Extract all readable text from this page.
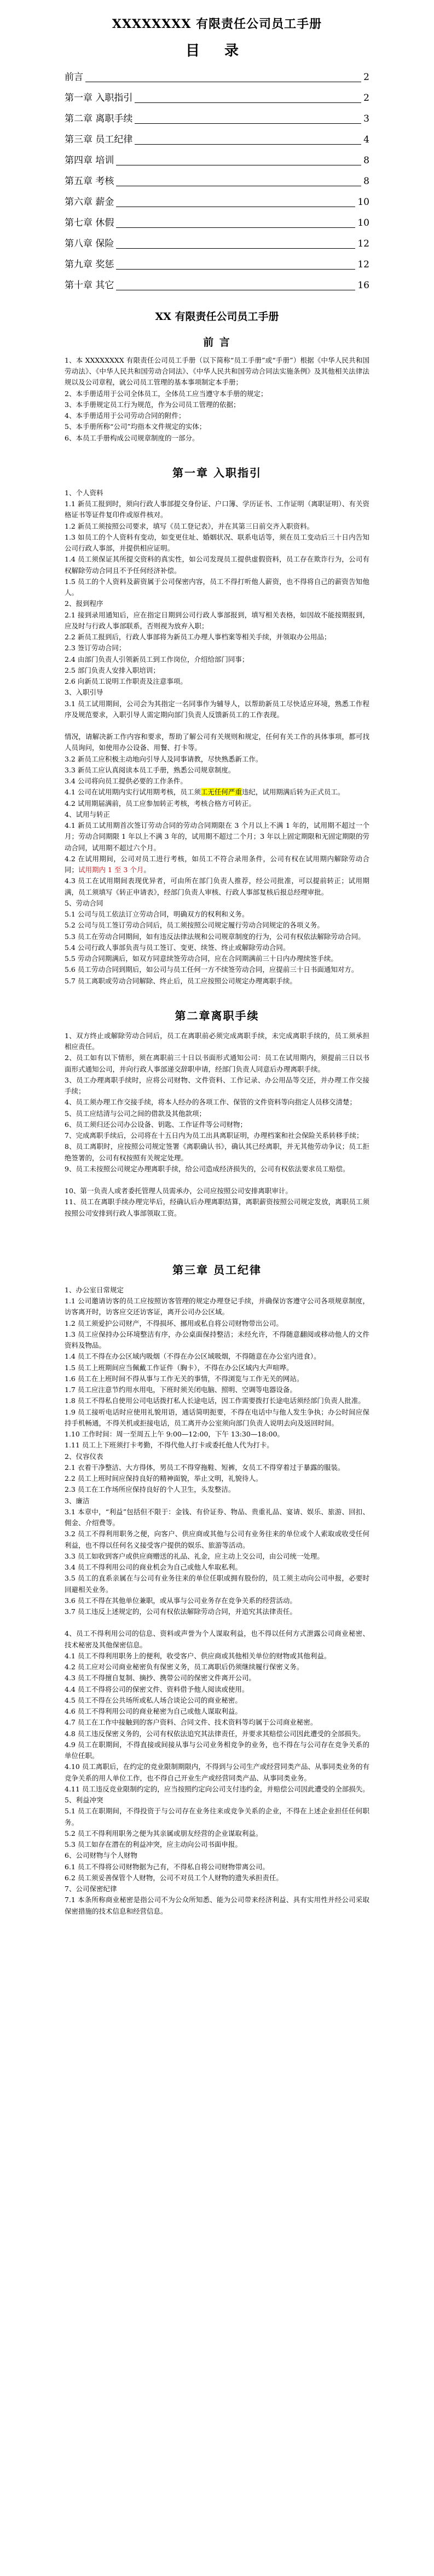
XXXXXXXX 有限责任公司员工手册
目 录
前言	2
第一章 入职指引	2
第二章 离职手续	3
第三章 员工纪律	4
第四章 培训	8
第五章 考核	8
第六章 薪金	10
第七章 休假	10
第八章 保险	12
第九章 奖惩	12
第十章 其它	16
XX 有限责任公司员工手册
前 言

1、本 XXXXXXXX 有限责任公司员工手册（以下简称“员工手册”或“手册”）根据《中华人民共和国劳动法》、《中华人民共和国劳动合同法》、《中华人民共和国劳动合同法实施条例》及其他相关法律法规以及公司章程，就公司员工管理的基本事项制定本手册；

2、本手册适用于公司全体员工，全体员工应当遵守本手册的规定；

3、本手册规定员工行为规范，作为公司员工管理的依据；

4、本手册适用于公司劳动合同的附件；

5、本手册所称“公司”均指本文件规定的实体；

6、本员工手册构成公司规章制度的一部分。

第一章 入职指引

1、个人资料

1.1 新员工报到时，须向行政人事部提交身份证、户口簿、学历证书、工作证明（离职证明）、有关资格证书等证件复印件或原件核对。

1.2 新员工须按照公司要求，填写《员工登记表》，并在其第三日前交齐入职资料。

1.3 如员工的个人资料有变动，如变更住址、婚姻状况、联系电话等，须在员工变动后三十日内告知公司行政人事部，并提供相应证明。

1.4 员工须保证其所提交资料的真实性，如公司发现员工提供虚假资料，员工存在欺诈行为，公司有权解除劳动合同且不予任何经济补偿。

1.5 员工的个人资料及薪资属于公司保密内容，员工不得打听他人薪资，也不得将自己的薪资告知他人。

2、报到程序

2.1 接到录用通知后，应在指定日期到公司行政人事部报到，填写相关表格，如因故不能按期报到，应及时与行政人事部联系，否则视为放弃入职；

2.2 新员工报到后，行政人事部将为新员工办理人事档案等相关手续，并领取办公用品；

2.3 签订劳动合同；

2.4 由部门负责人引领新员工到工作岗位，介绍给部门同事；

2.5 部门负责人安排入职培训；

2.6 向新员工说明工作职责及注意事项。

3、入职引导

3.1 员工试用期间，公司会为其指定一名同事作为辅导人，以帮助新员工尽快适应环境，熟悉工作程序及规范要求，入职引导人需定期向部门负责人反馈新员工的工作表现。

情况，请解决新工作内容和要求，帮助了解公司有关规则和规定，任何有关工作的具体事项，都可找人员询问，如使用办公设备、用餐、打卡等。

3.2 新员工应积极主动地向引导人及同事请教，尽快熟悉新工作。

3.3 新员工应认真阅读本员工手册，熟悉公司规章制度。

3.4 公司将向员工提供必要的工作条件。

4.1 公司在试用期内实行试用期考核，员工须工无任何严重违纪，试用期满后转为正式员工。

4.2 试用期届满前，员工应参加转正考核，考核合格方可转正。

4、试用与转正

4.1 新员工试用期首次签订劳动合同的劳动合同期限在 3 个月以上不满 1 年的，试用期不超过一个月；劳动合同期限 1 年以上不满 3 年的，试用期不超过二个月；3 年以上固定期限和无固定期限的劳动合同，试用期不超过六个月。

4.2 在试用期间，公司对员工进行考核，如员工不符合录用条件，公司有权在试用期内解除劳动合同；试用期内 1 至 3 个月。

4.3 员工在试用期间表现优异者，可由所在部门负责人推荐，经公司批准，可以提前转正；试用期满，员工须填写《转正申请表》，经部门负责人审核、行政人事部复核后报总经理审批。

5、劳动合同

5.1 公司与员工依法订立劳动合同，明确双方的权利和义务。

5.2 公司与员工签订劳动合同后，员工须按照公司规定履行劳动合同规定的各项义务。

5.3 员工在劳动合同期间，如有违反法律法规和公司规章制度的行为，公司有权依法解除劳动合同。

5.4 公司行政人事部负责与员工签订、变更、续签、终止或解除劳动合同。

5.5 劳动合同期满后，如双方同意续签劳动合同，应在合同期满前三十日内办理续签手续。

5.6 员工劳动合同到期后，如公司与员工任何一方不续签劳动合同，应提前三十日书面通知对方。

5.7 员工离职或劳动合同解除、终止后，员工应按照公司规定办理离职手续。

第二章离职手续

1、双方终止或解除劳动合同后，员工在离职前必须完成离职手续，未完成离职手续的，员工须承担相应责任。

2、员工如有以下情形，须在离职前三十日以书面形式通知公司：员工在试用期内，须提前三日以书面形式通知公司，并向行政人事部递交辞职申请，经部门负责人同意后办理离职手续。

3、员工办理离职手续时，应将公司财物、文件资料、工作记录、办公用品等交还，并办理工作交接手续；

4、员工须办理工作交接手续，将本人经办的各项工作、保管的文件资料等向指定人员移交清楚；

5、员工应结清与公司之间的借款及其他款项；

6、员工须归还公司办公设备、钥匙、工作证件等公司财物；

7、完成离职手续后，公司将在十五日内为员工出具离职证明，办理档案和社会保险关系转移手续；

8、员工离职时，应按照公司规定签署《离职确认书》，确认其已经离职，并无其他劳动争议；员工拒绝签署的，公司有权按照有关规定处理。

9、员工未按照公司规定办理离职手续，给公司造成经济损失的，公司有权依法要求员工赔偿。

10、第一负责人或者委托管理人员需承办，公司应按照公司安排离职审计。

11、员工在离职手续办理完毕后，经确认后办理离职结算，离职薪资按照公司规定发放，离职员工须按照公司安排到行政人事部领取工资。

第三章 员工纪律

1、办公室日常规定

1.1 公司邀请访客的员工应按照访客管理的规定办理登记手续，并确保访客遵守公司各项规章制度，访客离开时，访客应交还访客证，离开公司办公区域。

1.2 员工须爱护公司财产，不得损坏、挪用或私自将公司财物带出公司。

1.3 员工应保持办公环境整洁有序，办公桌面保持整洁；未经允许，不得随意翻阅或移动他人的文件资料及物品。

1.4 员工不得在办公区域内吸烟（不得在办公区域吸烟，不得随意在办公室内进食）。

1.5 员工上班期间应当佩戴工作证件（胸卡），不得在办公区域内大声喧哗。

1.6 员工在上班时间不得从事与工作无关的事情，不得浏览与工作无关的网站。

1.7 员工应注意节约用水用电，下班时须关闭电脑、照明、空调等电器设备。

1.8 员工不得私自使用公司电话拨打私人长途电话，因工作需要拨打长途电话须经部门负责人批准。

1.9 员工接听电话时应使用礼貌用语，通话简明扼要，不得在电话中与他人发生争执；办公时间应保持手机畅通，不得关机或拒接电话，员工离开办公室须向部门负责人说明去向及返回时间。

1.10 工作时间：周一至周五上午 9:00—12:00，下午 13:30—18:00。

1.11 员工上下班须打卡考勤，不得代他人打卡或委托他人代为打卡。

2、仪容仪表

2.1 衣着干净整洁、大方得体，男员工不得穿拖鞋、短裤，女员工不得穿着过于暴露的服装。

2.2 员工上班时间应保持良好的精神面貌，举止文明，礼貌待人。

2.3 员工在工作场所应保持良好的个人卫生，头发整洁。

3、廉洁

3.1 本章中，“利益”包括但不限于：金钱、有价证券、物品、贵重礼品、宴请、娱乐、旅游、回扣、佣金、介绍费等。

3.2 员工不得利用职务之便，向客户、供应商或其他与公司有业务往来的单位或个人索取或收受任何利益，也不得以任何名义接受客户提供的娱乐、旅游等活动。

3.3 员工如收到客户或供应商赠送的礼品、礼金，应主动上交公司，由公司统一处理。

3.4 员工不得利用公司的商业机会为自己或他人牟取私利。

3.5 员工的直系亲属在与公司有业务往来的单位任职或拥有股份的，员工须主动向公司申报，必要时回避相关业务。

3.6 员工不得在其他单位兼职，或从事与公司业务存在竞争关系的经营活动。

3.7 员工违反上述规定的，公司有权依法解除劳动合同，并追究其法律责任。

4、员工不得利用公司的信息、资料或声誉为个人谋取利益，也不得以任何方式泄露公司商业秘密、技术秘密及其他保密信息。

4.1 员工不得利用职务上的便利，收受客户、供应商或其他相关单位的财物或其他利益。

4.2 员工应对公司商业秘密负有保密义务，员工离职后仍须继续履行保密义务。

4.3 员工不得擅自复制、摘抄、携带公司的保密文件离开公司。

4.4 员工不得将公司的保密文件、资料借予他人阅读或使用。

4.5 员工不得在公共场所或私人场合谈论公司的商业秘密。

4.6 员工不得利用公司的商业秘密为自己或他人谋取利益。

4.7 员工在工作中接触到的客户资料、合同文件、技术资料等均属于公司商业秘密。

4.8 员工违反保密义务的，公司有权依法追究其法律责任，并要求其赔偿公司因此遭受的全部损失。

4.9 员工在职期间，不得直接或间接从事与公司业务相竞争的业务，也不得在与公司存在竞争关系的单位任职。

4.10 员工离职后，在约定的竞业限制期限内，不得到与公司生产或经营同类产品、从事同类业务的有竞争关系的用人单位工作，也不得自己开业生产或经营同类产品、从事同类业务。

4.11 员工违反竞业限制约定的，应当按照约定向公司支付违约金，并赔偿公司因此遭受的全部损失。

5、利益冲突

5.1 员工在职期间，不得投资于与公司存在业务往来或竞争关系的企业，不得在上述企业担任任何职务。

5.2 员工不得利用职务之便为其亲属或朋友经营的企业谋取利益。

5.3 员工如存在潜在的利益冲突，应主动向公司书面申报。

6、公司财物与个人财物

6.1 员工不得将公司财物据为己有，不得私自将公司财物带离公司。

6.2 员工须妥善保管个人财物，公司不对员工个人财物的遗失承担责任。

7、公司保密纪律

7.1 本条所称商业秘密是指公司不为公众所知悉、能为公司带来经济利益、具有实用性并经公司采取保密措施的技术信息和经营信息。
